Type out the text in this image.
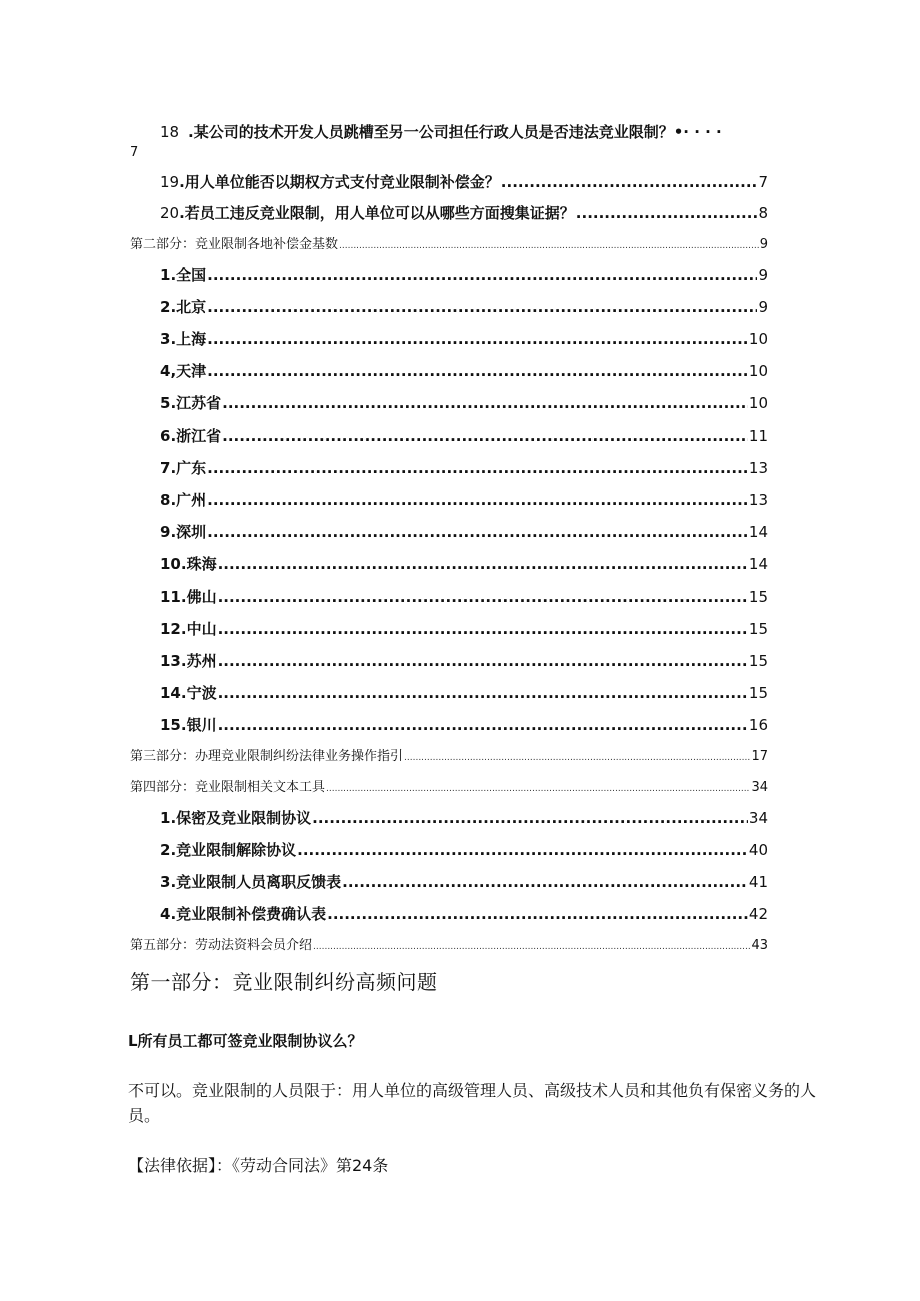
18 .某公司的技术开发人员跳槽至另一公司担任行政人员是否违法竞业限制？•· · · ·
7
19 .用人单位能否以期权方式支付竞业限制补偿金？ .....	7
20 .若员工违反竞业限制，用人单位可以从哪些方面搜集证据？ .....	8
第二部分：竞业限制各地补偿金基数 .....	9
1 .全国 .....	9
2 .北京 .....	9
3 .上海 .....	10
4 ,天津 .....	10
5 .江苏省 .....	10
6 .浙江省 .....	11
7 .广东 .....	13
8 .广州 .....	13
9 .深圳 .....	14
10 .珠海 .....	14
11 .佛山 .....	15
12 .中山 .....	15
13 .苏州 .....	15
14 .宁波 .....	15
15 .银川 .....	16
第三部分：办理竞业限制纠纷法律业务操作指引 .....	17
第四部分：竞业限制相关文本工具 .....	34
1 .保密及竞业限制协议 .....	34
2 .竞业限制解除协议 .....	40
3 .竞业限制人员离职反馈表 .....	41
4 .竞业限制补偿费确认表 .....	42
第五部分：劳动法资料会员介绍 .....	43
第一部分：竞业限制纠纷高频问题
L所有员工都可签竞业限制协议么？
不可以。竞业限制的人员限于：用人单位的高级管理人员、高级技术人员和其他负有保密义务的人员。
【法律依据】：《劳动合同法》第24条
